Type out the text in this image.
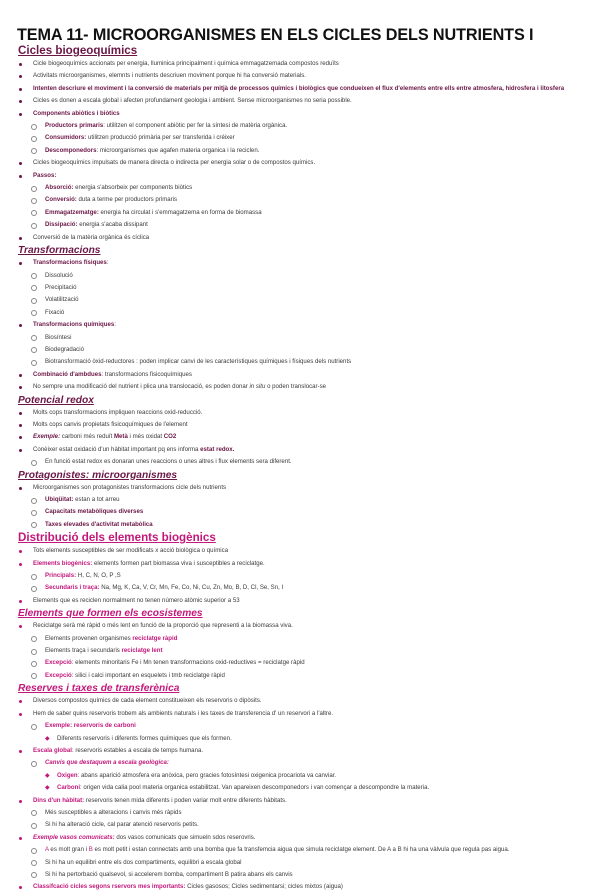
TEMA 11- MICROORGANISMES EN ELS CICLES DELS NUTRIENTS I
Cicles biogeoquímics
Cicle biogeoquímics accionats per energia, lluminica principalment i química emmagatzemada compostos reduïts
Activitats microorganismes, elemnts i nutrients descriuen moviment porque hi ha conversió materials.
Intenten descriure el moviment i la conversió de materials per mitjà de processos químics i biològics que condueixen el flux d'elements entre ells entre atmosfera, hidrosfera i litosfera
Cicles es donen a escala global i afecten profundament geologia i ambient. Sense microorganismes no seria possible.
Components abiòtics i biòtics
Productors primaris: utilitzen el component abiòtic per fer la síntesi de matèria orgànica.
Consumidors: utilitzen producció primària per ser transferida i créixer
Descomponedors: microorganismes que agafen materia organica i la reciclen.
Cicles biogeoquímics impulsats de manera directa o indirecta per energia solar o de compostos químics.
Passos:
Absorció: energia s'absorbeix per components biòtics
Conversió: duta a terme per productors primaris
Emmagatzematge: energia ha circulat i s'emmagatzema en forma de biomassa
Dissipació: energia s'acaba dissipant
Conversió de la matèria orgànica és cíclica
Transformacions
Transformacions físiques:
Dissolució
Precipitació
Volatilització
Fixació
Transformacions químiques:
Biosíntesi
Biodegradació
Biotransformació òxid-reductores : poden implicar canvi de les característiques químiques i físiques dels nutrients
Combinació d'ambdues: transformacions fisicoquímiques
No sempre una modificació del nutrient i plica una translocació, es poden donar in situ o poden translocar-se
Potencial redox
Molts cops transformacions impliquen reaccions oxid-reducció.
Molts cops canvis propietats fisicoquímiques de l'element
Exemple: carboni més reduït Metà i més oxidat CO2
Conèixer estat oxidació d'un hàbitat important pq ens informa estat redox.
En funció estat redox es donaran unes reaccions o unes altres i flux elements sera diferent.
Protagonistes: microorganismes
Microorganismes son protagonistes transformacions cicle dels nutrients
Ubiqüitat: estan a tot arreu
Capacitats metabòliques diverses
Taxes elevades d'activitat metabòlica
Distribució dels elements biogènics
Tots elements susceptibles de ser modificats x acció biològica o química
Elements biogènics: elements formen part biomassa viva i susceptibles a reciclatge.
Principals: H, C, N, O, P ,S
Secundaris i traça: Na, Mg, K, Ca, V, Cr, Mn, Fe, Co, Ni, Cu, Zn, Mo, B, D, Cl, Se, Sn, I
Elements que es reciclen normalment no tenen número atòmic superior a 53
Elements que formen els ecosistemes
Reciclatge serà mé ràpid o més lent en funció de la proporció que representi a la biomassa viva.
Elements provenen organismes reciclatge ràpid
Elements traça i secundaris reciclatge lent
Excepció: elements minoritaris Fe i Mn tenen transformacions oxid-reductives = reciclatge ràpid
Excepció: silici i calci important en esquelets i tmb reciclatge ràpid
Reserves i taxes de transferènica
Diversos compostos químics de cada element constitueixen els reservoris o dipòsits.
Hem de saber quins reservoris trobem als ambients naturals i les taxes de transferencia d' un reservori a l'altre.
Exemple: reservoris de carboni
◆ Diferents reservoris i diferents formes químiques que els formen.
Escala global: reservoris estables a escala de temps humana.
Canvis que destaquem a escala geològica:
◆ Oxigen: abans aparició atmosfera era anòxica, pero gracies fotosíntesi oxigenica procariota va canviar.
◆ Carboni: origen vida calia pool materia organica estabilitzat. Van apareixen descomponedors i van començar a descompondre la materia.
Dins d'un hàbitat: reservoris tenen mida diferents i poden variar molt entre diferents hàbitats.
Més susceptibles a alteracions i canvis més ràpids
Si hi ha alteració cicle, cal parar atenció reservoris petits.
Exemple vasos comunicats: dos vasos comunicats que simueln sdos reserovris.
A es molt gran i B es molt petit i estan connectats amb una bomba que fa transfemcia aigua que simula reciclatge element. De A a B hi ha una vàlvula que regula pas aigua.
Si hi ha un equilibri entre els dos compartiments, equilibri a escala global
Si hi ha pertorbació qualsevol, si accelerem bomba, compartiment B patira abans els canvis
Classifcació cicles segons rservors mes importants: Cicles gasosos; Cicles sedimentarsi; cicles mixtos (aigua)
